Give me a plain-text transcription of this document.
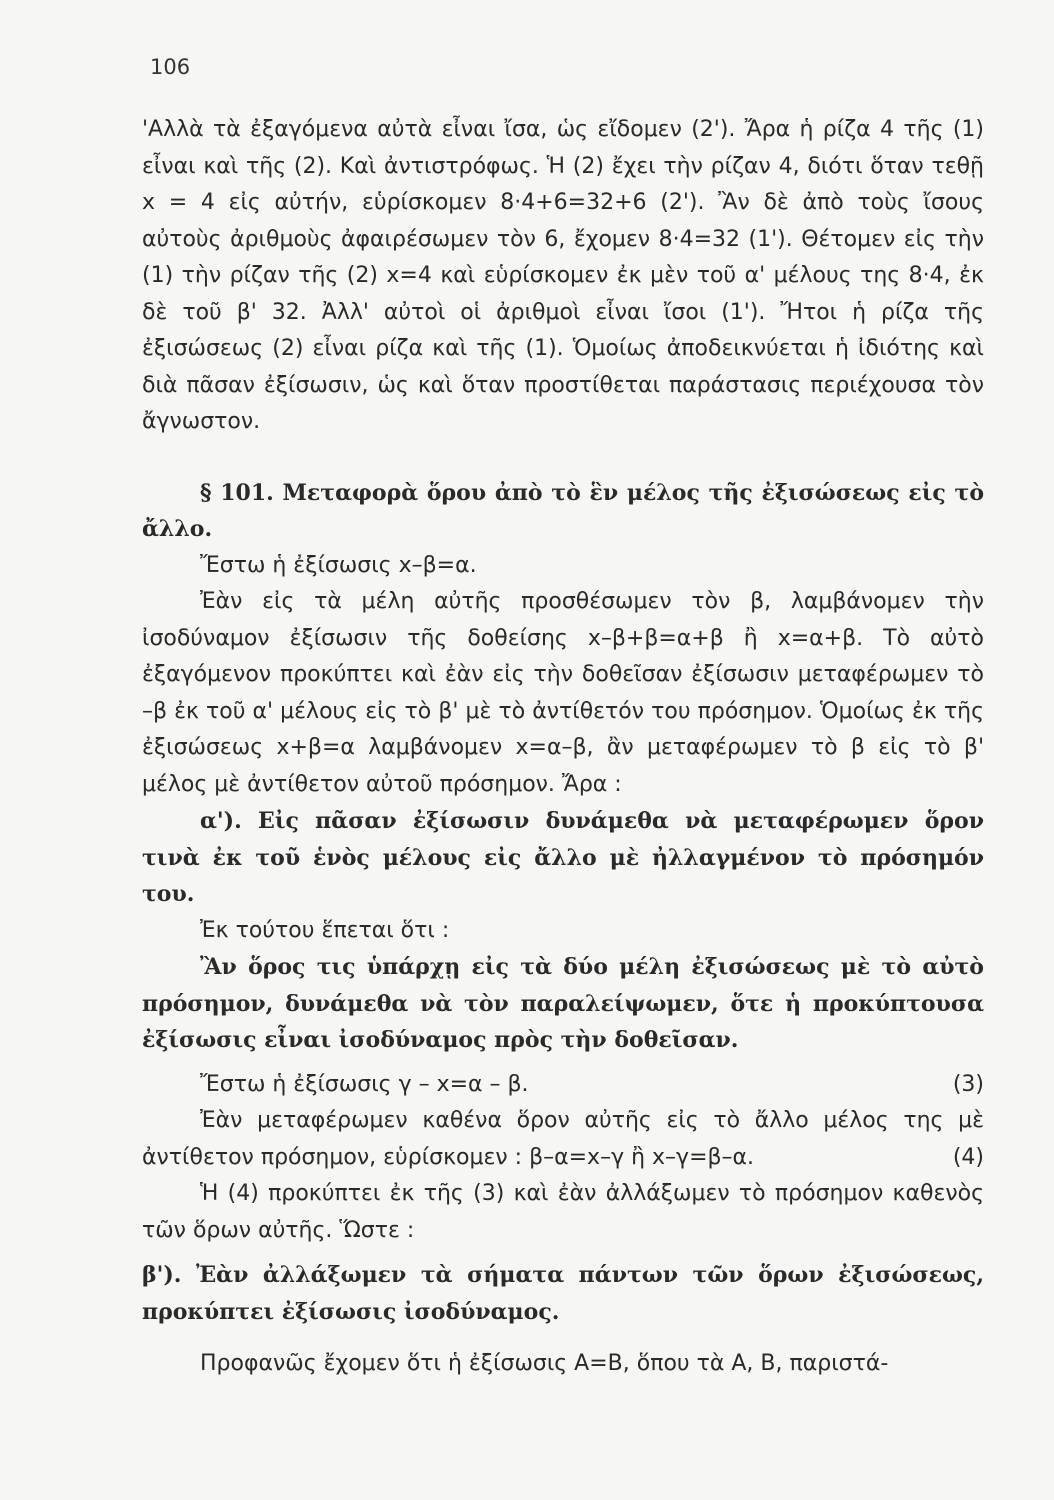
106

'Αλλὰ τὰ ἐξαγόμενα αὐτὰ εἶναι ἴσα, ὡς εἴδομεν (2'). Ἄρα ἡ ρίζα 4 τῆς (1) εἶναι καὶ τῆς (2). Καὶ ἀντιστρόφως. Ἡ (2) ἔχει τὴν ρίζαν 4, διότι ὅταν τεθῇ x = 4 εἰς αὐτήν, εὑρίσκομεν 8·4+6=32+6 (2'). Ἂν δὲ ἀπὸ τοὺς ἴσους αὐτοὺς ἀριθμοὺς ἀφαιρέσωμεν τὸν 6, ἔχομεν 8·4=32 (1'). Θέτομεν εἰς τὴν (1) τὴν ρίζαν τῆς (2) x=4 καὶ εὑρίσκομεν ἐκ μὲν τοῦ α' μέλους της 8·4, ἐκ δὲ τοῦ β' 32. Ἀλλ' αὐτοὶ οἱ ἀριθμοὶ εἶναι ἴσοι (1'). Ἤτοι ἡ ρίζα τῆς ἐξισώσεως (2) εἶναι ρίζα καὶ τῆς (1). Ὁμοίως ἀποδεικνύεται ἡ ἰδιότης καὶ διὰ πᾶσαν ἐξίσωσιν, ὡς καὶ ὅταν προστίθεται παράστασις περιέχουσα τὸν ἄγνωστον.

§ 101. Μεταφορὰ ὅρου ἀπὸ τὸ ἓν μέλος τῆς ἐξισώσεως εἰς τὸ ἄλλο.

Ἔστω ἡ ἐξίσωσις x–β=α.

Ἐὰν εἰς τὰ μέλη αὐτῆς προσθέσωμεν τὸν β, λαμβάνομεν τὴν ἰσοδύναμον ἐξίσωσιν τῆς δοθείσης x–β+β=α+β ἢ x=α+β. Τὸ αὐτὸ ἐξαγόμενον προκύπτει καὶ ἐὰν εἰς τὴν δοθεῖσαν ἐξίσωσιν μεταφέρωμεν τὸ –β ἐκ τοῦ α' μέλους εἰς τὸ β' μὲ τὸ ἀντίθετόν του πρόσημον. Ὁμοίως ἐκ τῆς ἐξισώσεως x+β=α λαμβάνομεν x=α–β, ἂν μεταφέρωμεν τὸ β εἰς τὸ β' μέλος μὲ ἀντίθετον αὐτοῦ πρόσημον. Ἄρα :

α'). Εἰς πᾶσαν ἐξίσωσιν δυνάμεθα νὰ μεταφέρωμεν ὅρον τινὰ ἐκ τοῦ ἑνὸς μέλους εἰς ἄλλο μὲ ἠλλαγμένον τὸ πρόσημόν του.

Ἐκ τούτου ἕπεται ὅτι :

Ἂν ὅρος τις ὑπάρχῃ εἰς τὰ δύο μέλη ἐξισώσεως μὲ τὸ αὐτὸ πρόσημον, δυνάμεθα νὰ τὸν παραλείψωμεν, ὅτε ἡ προκύπτουσα ἐξίσωσις εἶναι ἰσοδύναμος πρὸς τὴν δοθεῖσαν.

Ἔστω ἡ ἐξίσωσις γ – x=α – β.	(3)

Ἐὰν μεταφέρωμεν καθένα ὅρον αὐτῆς εἰς τὸ ἄλλο μέλος της μὲ ἀντίθετον πρόσημον, εὑρίσκομεν : β–α=x–γ ἢ x–γ=β–α.	(4)

Ἡ (4) προκύπτει ἐκ τῆς (3) καὶ ἐὰν ἀλλάξωμεν τὸ πρόσημον καθενὸς τῶν ὅρων αὐτῆς. Ὥστε :

β'). Ἐὰν ἀλλάξωμεν τὰ σήματα πάντων τῶν ὅρων ἐξισώσεως, προκύπτει ἐξίσωσις ἰσοδύναμος.

Προφανῶς ἔχομεν ὅτι ἡ ἐξίσωσις A=B, ὅπου τὰ A, B, παριστά-
